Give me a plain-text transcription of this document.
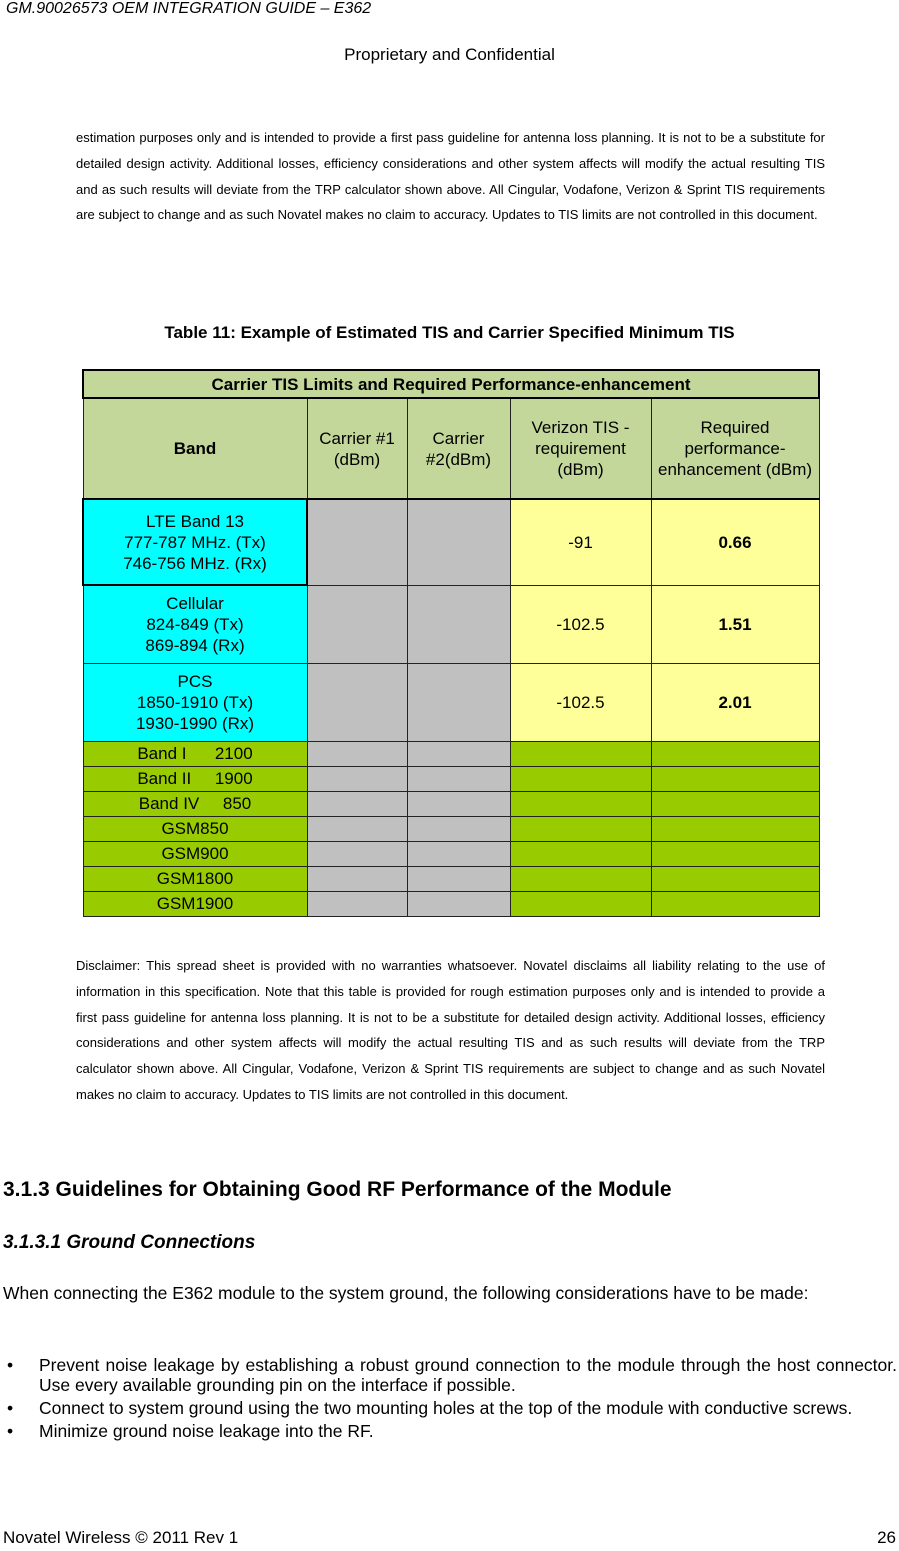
GM.90026573 OEM INTEGRATION GUIDE – E362
Proprietary and Confidential
estimation purposes only and is intended to provide a first pass guideline for antenna loss planning. It is not to be a substitute for detailed design activity. Additional losses, efficiency considerations and other system affects will modify the actual resulting TIS and as such results will deviate from the TRP calculator shown above. All Cingular, Vodafone, Verizon & Sprint TIS requirements are subject to change and as such Novatel makes no claim to accuracy. Updates to TIS limits are not controlled in this document.
Table 11: Example of Estimated TIS and Carrier Specified Minimum TIS
Carrier TIS Limits and Required Performance-enhancement				
Band	Carrier #1 (dBm)	Carrier #2(dBm)	Verizon TIS - requirement (dBm)	Required performance-enhancement (dBm)

LTE Band 13
777-787 MHz. (Tx)
746-756 MHz. (Rx)			-91	0.66

Cellular
824-849 (Tx)
869-894 (Rx)			-102.5	1.51

PCS
1850-1910 (Tx)
1930-1990 (Rx)			-102.5	2.01
Band I      2100				
Band II     1900				
Band IV     850				
GSM850				
GSM900				
GSM1800				
GSM1900				
Disclaimer: This spread sheet is provided with no warranties whatsoever. Novatel disclaims all liability relating to the use of information in this specification. Note that this table is provided for rough estimation purposes only and is intended to provide a first pass guideline for antenna loss planning. It is not to be a substitute for detailed design activity. Additional losses, efficiency considerations and other system affects will modify the actual resulting TIS and as such results will deviate from the TRP calculator shown above. All Cingular, Vodafone, Verizon & Sprint TIS requirements are subject to change and as such Novatel makes no claim to accuracy. Updates to TIS limits are not controlled in this document.
3.1.3 Guidelines for Obtaining Good RF Performance of the Module
3.1.3.1 Ground Connections
When connecting the E362 module to the system ground, the following considerations have to be made:
• Prevent noise leakage by establishing a robust ground connection to the module through the host connector. Use every available grounding pin on the interface if possible.
• Connect to system ground using the two mounting holes at the top of the module with conductive screws.
• Minimize ground noise leakage into the RF.
Novatel Wireless © 2011 Rev 1	26
